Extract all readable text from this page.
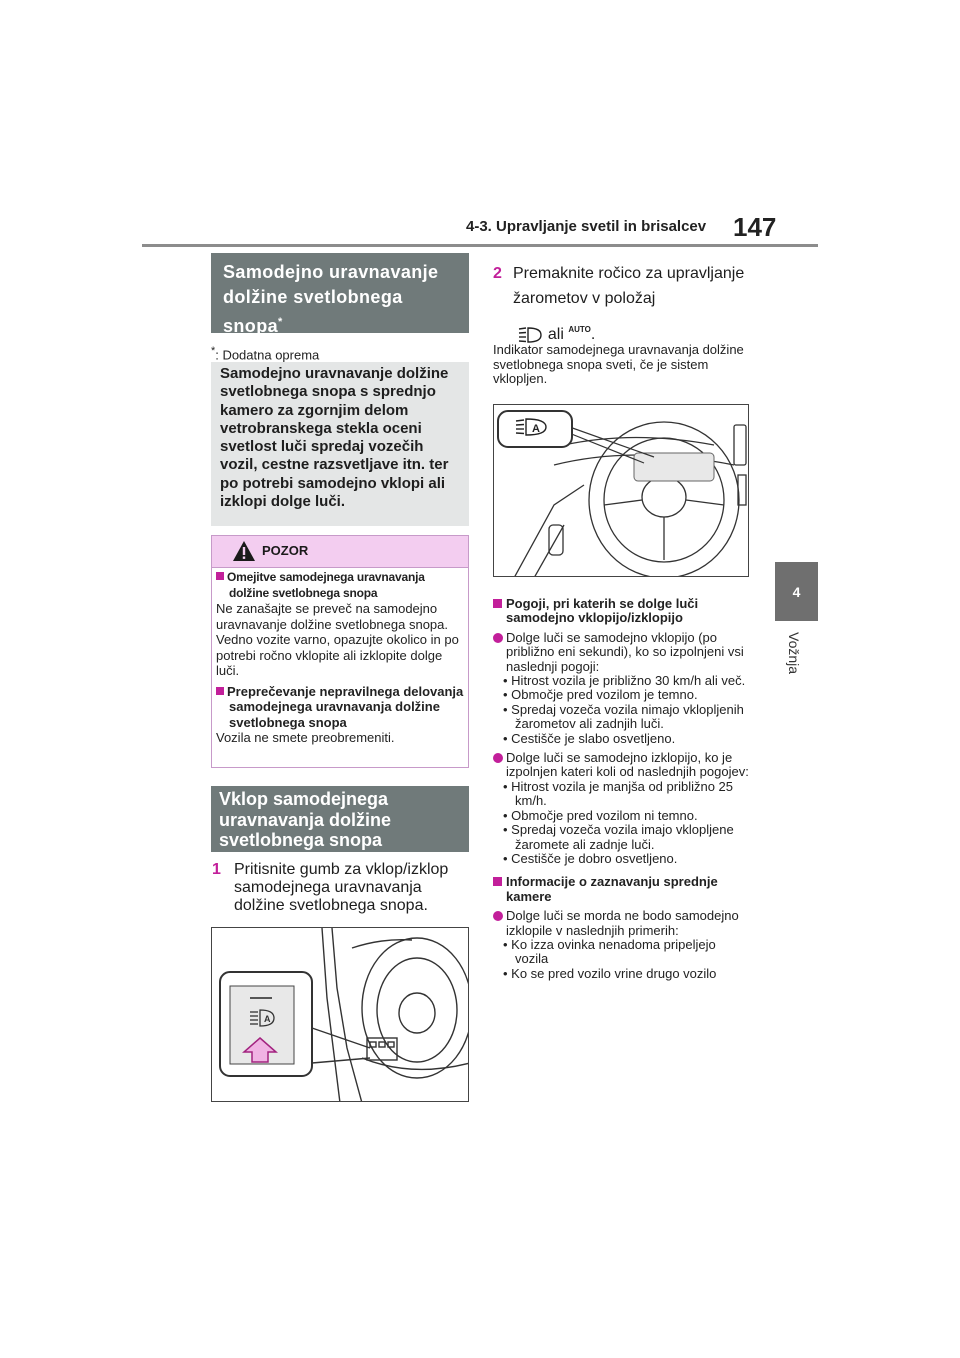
4-3. Upravljanje svetil in brisalcev 147
4
Vožnja
Samodejno uravnavanje dolžine svetlobnega snopa*
*: Dodatna oprema
Samodejno uravnavanje dolžine svetlobnega snopa s sprednjo kamero za zgornjim delom vetrobranskega stekla oceni svetlost luči spredaj vozečih vozil, cestne razsvetljave itn. ter po potrebi samodejno vklopi ali izklopi dolge luči.
POZOR
Omejitve samodejnega uravnavanja dolžine svetlobnega snopa
Ne zanašajte se preveč na samodejno uravnavanje dolžine svetlobnega snopa. Vedno vozite varno, opazujte okolico in po potrebi ročno vklopite ali izklopite dolge luči.
Preprečevanje nepravilnega delovanja samodejnega uravnavanja dolžine svetlobnega snopa
Vozila ne smete preobremeniti.
Vklop samodejnega uravnavanja dolžine svetlobnega snopa
1 Pritisnite gumb za vklop/izklop samodejnega uravnavanja dolžine svetlobnega snopa.
A
2 Premaknite ročico za upravljanje žarometov v položaj
ali $^{AUTO}$.
Indikator samodejnega uravnavanja dolžine svetlobnega snopa sveti, če je sistem vklopljen.
A
Pogoji, pri katerih se dolge luči samodejno vklopijo/izklopijo
Dolge luči se samodejno vklopijo (po približno eni sekundi), ko so izpolnjeni vsi naslednji pogoji:
• Hitrost vozila je približno 30 km/h ali več.
• Območje pred vozilom je temno.
• Spredaj vozeča vozila nimajo vklopljenih žarometov ali zadnjih luči.
• Cestišče je slabo osvetljeno.
Dolge luči se samodejno izklopijo, ko je izpolnjen kateri koli od naslednjih pogojev:
• Hitrost vozila je manjša od približno 25 km/h.
• Območje pred vozilom ni temno.
• Spredaj vozeča vozila imajo vklopljene žaromete ali zadnje luči.
• Cestišče je dobro osvetljeno.
Informacije o zaznavanju sprednje kamere
Dolge luči se morda ne bodo samodejno izklopile v naslednjih primerih:
• Ko izza ovinka nenadoma pripeljejo vozila
• Ko se pred vozilo vrine drugo vozilo
